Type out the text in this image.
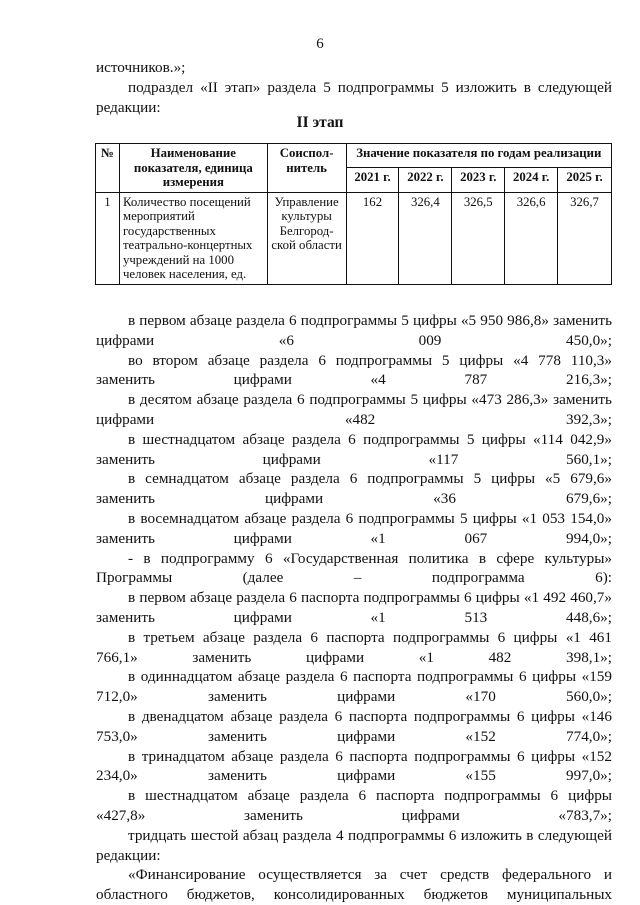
6
источников.»;
подраздел «II этап» раздела 5 подпрограммы 5 изложить в следующей
редакции:
II этап
№	Наименование показателя, единица измерения	Соиспол-нитель	Значение показателя по годам реализации				
			2021 г.	2022 г.	2023 г.	2024 г.	2025 г.
1	Количество посещений мероприятий государственных театрально-концертных учреждений на 1000 человек населения, ед.	Управление культуры Белгород-ской области	162	326,4	326,5	326,6	326,7

в первом абзаце раздела 6 подпрограммы 5 цифры «5 950 986,8» заменить цифрами «6 009 450,0»;

во втором абзаце раздела 6 подпрограммы 5 цифры «4 778 110,3» заменить цифрами «4 787 216,3»;

в десятом абзаце раздела 6 подпрограммы 5 цифры «473 286,3» заменить цифрами «482 392,3»;

в шестнадцатом абзаце раздела 6 подпрограммы 5 цифры «114 042,9» заменить цифрами «117 560,1»;

в семнадцатом абзаце раздела 6 подпрограммы 5 цифры «5 679,6» заменить цифрами «36 679,6»;

в восемнадцатом абзаце раздела 6 подпрограммы 5 цифры «1 053 154,0» заменить цифрами «1 067 994,0»;

- в подпрограмму 6 «Государственная политика в сфере культуры» Программы (далее – подпрограмма 6):

в первом абзаце раздела 6 паспорта подпрограммы 6 цифры «1 492 460,7» заменить цифрами «1 513 448,6»;

в третьем абзаце раздела 6 паспорта подпрограммы 6 цифры «1 461 766,1» заменить цифрами «1 482 398,1»;

в одиннадцатом абзаце раздела 6 паспорта подпрограммы 6 цифры «159 712,0» заменить цифрами «170 560,0»;

в двенадцатом абзаце раздела 6 паспорта подпрограммы 6 цифры «146 753,0» заменить цифрами «152 774,0»;

в тринадцатом абзаце раздела 6 паспорта подпрограммы 6 цифры «152 234,0» заменить цифрами «155 997,0»;

в шестнадцатом абзаце раздела 6 паспорта подпрограммы 6 цифры «427,8» заменить цифрами «783,7»;

тридцать шестой абзац раздела 4 подпрограммы 6 изложить в следующей редакции:

«Финансирование осуществляется за счет средств федерального и областного бюджетов, консолидированных бюджетов муниципальных
